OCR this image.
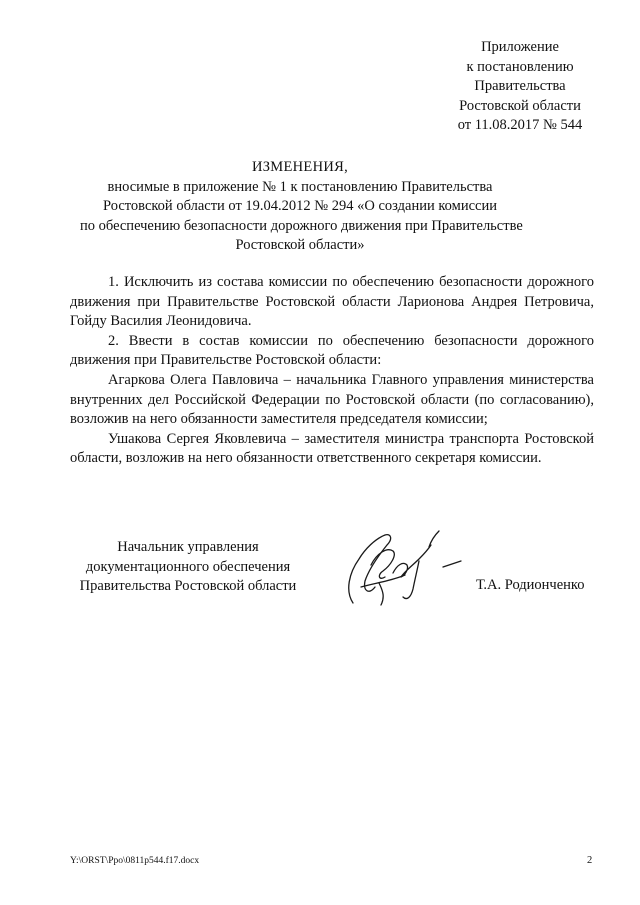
Приложение
к постановлению
Правительства
Ростовской области
от 11.08.2017 № 544
ИЗМЕНЕНИЯ,
вносимые в приложение № 1 к постановлению Правительства
Ростовской области от 19.04.2012 № 294 «О создании комиссии
по обеспечению безопасности дорожного движения при Правительстве
Ростовской области»

1. Исключить из состава комиссии по обеспечению безопасности дорожного движения при Правительстве Ростовской области Ларионова Андрея Петровича, Гойду Василия Леонидовича.

2. Ввести в состав комиссии по обеспечению безопасности дорожного движения при Правительстве Ростовской области:

Агаркова Олега Павловича – начальника Главного управления министерства внутренних дел Российской Федерации по Ростовской области (по согласованию), возложив на него обязанности заместителя председателя комиссии;

Ушакова Сергея Яковлевича – заместителя министра транспорта Ростовской области, возложив на него обязанности ответственного секретаря комиссии.

Начальник управления
документационного обеспечения
Правительства Ростовской области	Т.А. Родионченко
Y:\ORST\Ppo\0811p544.f17.docx	2
